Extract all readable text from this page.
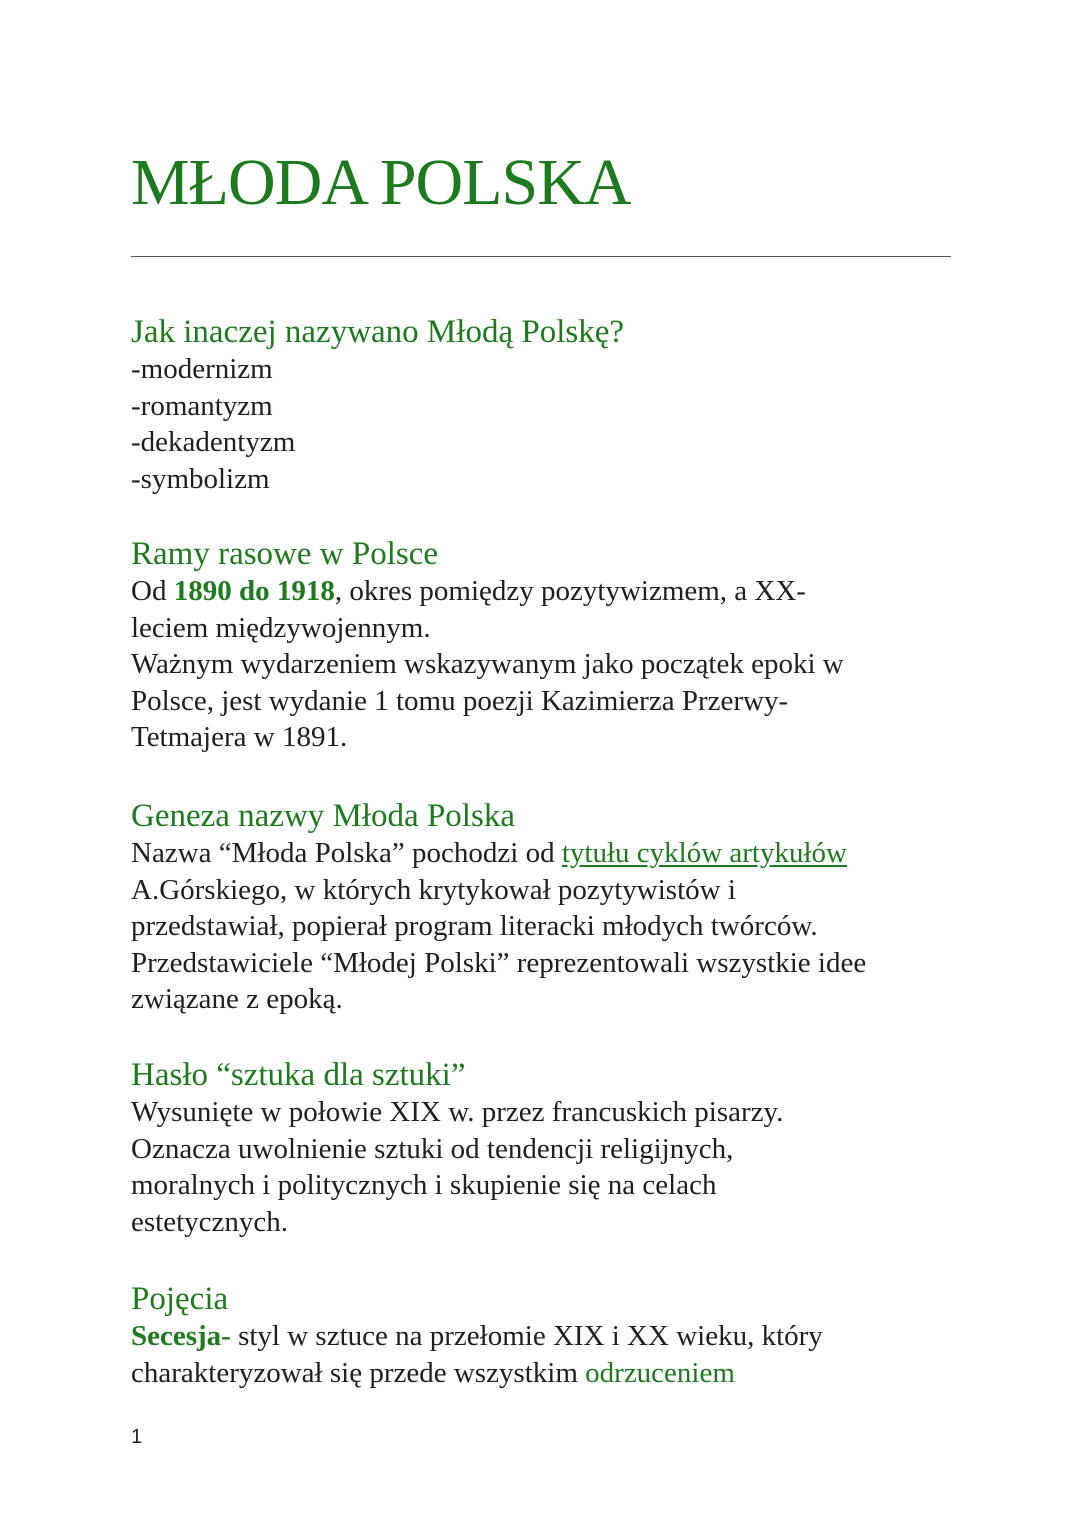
MŁODA POLSKA
Jak inaczej nazywano Młodą Polskę?

-modernizm
-romantyzm
-dekadentyzm
-symbolizm

Ramy rasowe w Polsce

Od 1890 do 1918, okres pomiędzy pozytywizmem, a XX-
leciem międzywojennym.
Ważnym wydarzeniem wskazywanym jako początek epoki w
Polsce, jest wydanie 1 tomu poezji Kazimierza Przerwy-
Tetmajera w 1891.

Geneza nazwy Młoda Polska

Nazwa “Młoda Polska” pochodzi od tytułu cyklów artykułów
A.Górskiego, w których krytykował pozytywistów i
przedstawiał, popierał program literacki młodych twórców.
Przedstawiciele “Młodej Polski” reprezentowali wszystkie idee
związane z epoką.

Hasło “sztuka dla sztuki”

Wysunięte w połowie XIX w. przez francuskich pisarzy.
Oznacza uwolnienie sztuki od tendencji religijnych,
moralnych i politycznych i skupienie się na celach
estetycznych.

Pojęcia

Secesja- styl w sztuce na przełomie XIX i XX wieku, który
charakteryzował się przede wszystkim odrzuceniem

1
